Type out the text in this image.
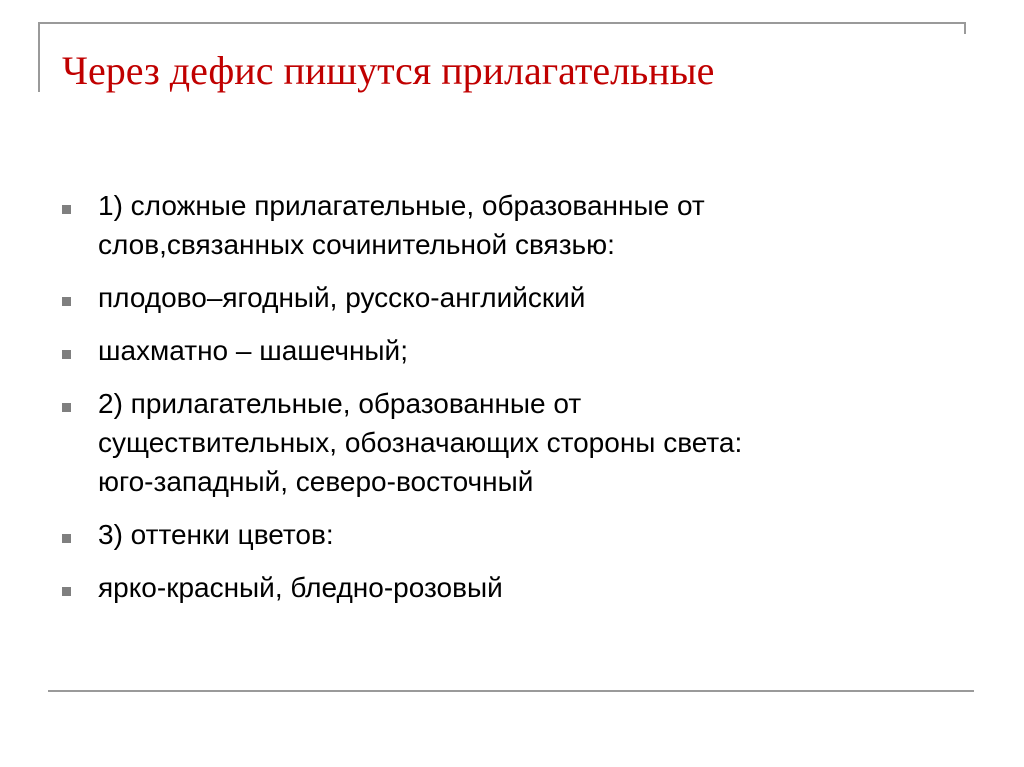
Через дефис пишутся прилагательные
1) сложные прилагательные, образованные от
слов,связанных сочинительной связью:
плодово–ягодный, русско-английский
шахматно – шашечный;
2) прилагательные, образованные от
существительных, обозначающих стороны света:
юго-западный, северо-восточный
3) оттенки цветов:
ярко-красный, бледно-розовый
